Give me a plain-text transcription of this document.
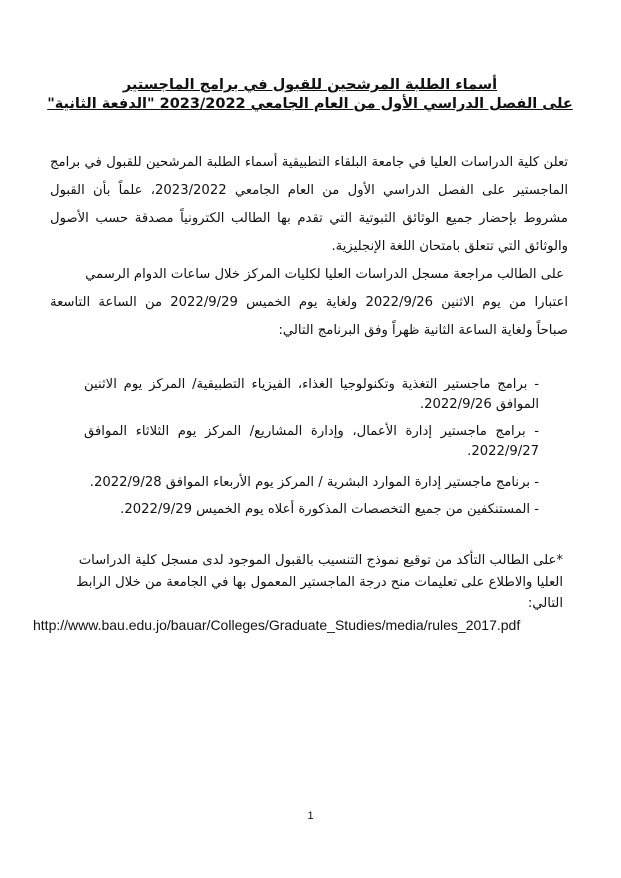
أسماء الطلبة المرشحين للقبول في برامج الماجستير
على الفصل الدراسي الأول من العام الجامعي 2023/2022 "الدفعة الثانية"
تعلن كلية الدراسات العليا في جامعة البلقاء التطبيقية أسماء الطلبة المرشحين للقبول في برامج
الماجستير على الفصل الدراسي الأول من العام الجامعي 2023/2022، علماً بأن القبول
مشروط بإحضار جميع الوثائق الثبوتية التي تقدم بها الطالب الكترونياً مصدقة حسب الأصول
والوثائق التي تتعلق بامتحان اللغة الإنجليزية.
على الطالب مراجعة مسجل الدراسات العليا لكليات المركز خلال ساعات الدوام الرسمي
اعتبارا من يوم الاثنين 2022/9/26 ولغاية يوم الخميس 2022/9/29 من الساعة التاسعة
صباحاً ولغاية الساعة الثانية ظهراً وفق البرنامج التالي:
- برامج ماجستير التغذية وتكنولوجيا الغذاء، الفيزياء التطبيقية/ المركز يوم الاثنين
الموافق 2022/9/26.
- برامج ماجستير إدارة الأعمال، وإدارة المشاريع/ المركز يوم الثلاثاء الموافق
2022/9/27.
- برنامج ماجستير إدارة الموارد البشرية / المركز يوم الأربعاء الموافق 2022/9/28.
- المستنكفين من جميع التخصصات المذكورة أعلاه يوم الخميس 2022/9/29.
*على الطالب التأكد من توقيع نموذج التنسيب بالقبول الموجود لدى مسجل كلية الدراسات
العليا والاطلاع على تعليمات منح درجة الماجستير المعمول بها في الجامعة من خلال الرابط
التالي:
http://www.bau.edu.jo/bauar/Colleges/Graduate_Studies/media/rules_2017.pdf
1
